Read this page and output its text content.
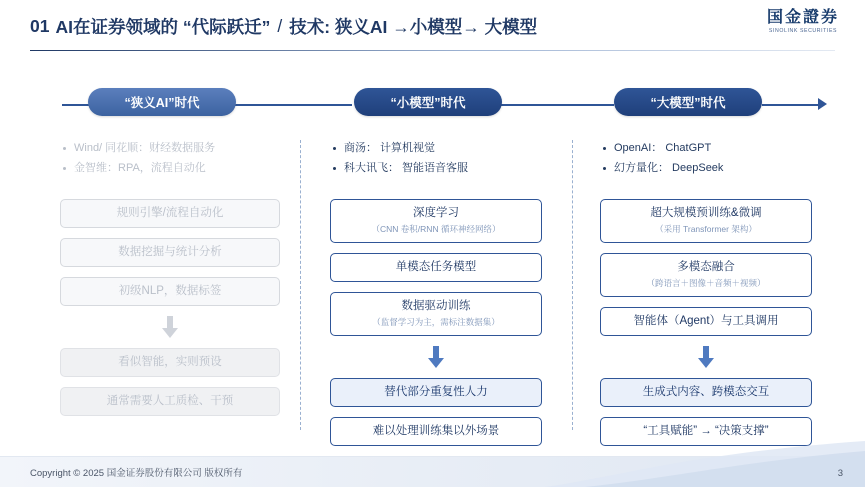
01 AI在证券领域的 “代际跃迁” / 技术: 狭义AI →小模型→ 大模型	国金證券
SINOLINK SECURITIES
“狭义AI”时代	“小模型”时代	“大模型”时代
Wind/ 同花顺：财经数据服务
金智维：RPA，流程自动化
规则引擎/流程自动化
数据挖掘与统计分析
初级NLP，数据标签
看似智能，实则预设
通常需要人工质检、干预
商汤： 计算机视觉
科大讯飞： 智能语音客服
深度学习
（CNN 卷积/RNN 循环神经网络）
单模态任务模型
数据驱动训练
（监督学习为主，需标注数据集）
替代部分重复性人力
难以处理训练集以外场景
OpenAI： ChatGPT
幻方量化： DeepSeek
超大规模预训练&微调
（采用 Transformer 架构）
多模态融合
（跨语言＋图像＋音频＋视频）
智能体（Agent）与工具调用
生成式内容、跨模态交互
“工具赋能” → “决策支撑”
Copyright © 2025 国金证券股份有限公司 版权所有	3
